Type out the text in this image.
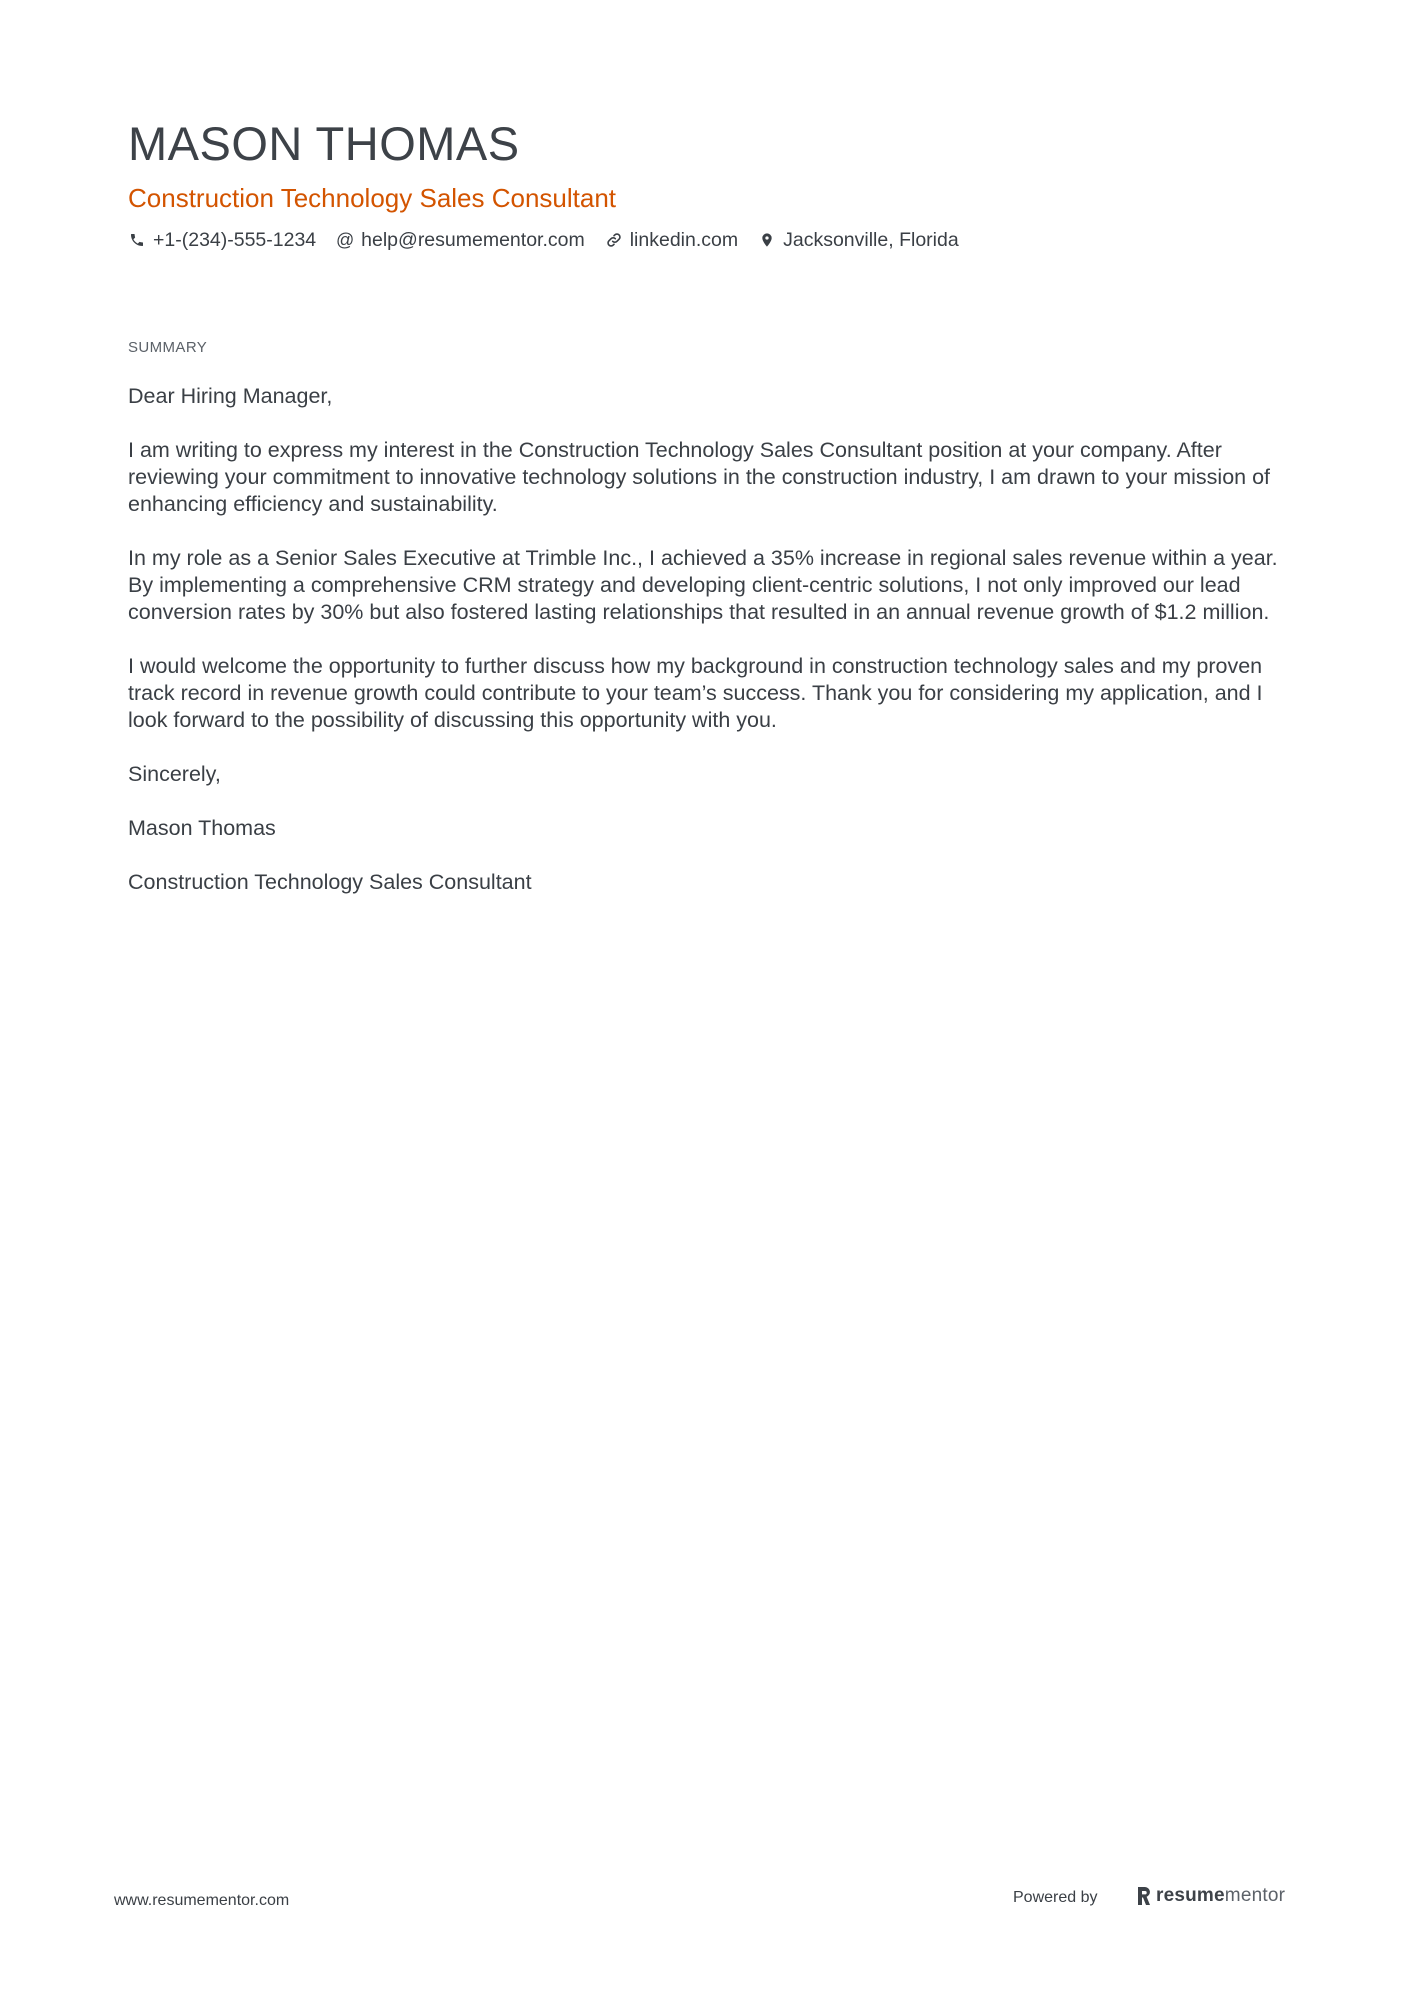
MASON THOMAS
Construction Technology Sales Consultant
+1-(234)-555-1234 @ help@resumementor.com linkedin.com Jacksonville, Florida
SUMMARY

Dear Hiring Manager,

I am writing to express my interest in the Construction Technology Sales Consultant position at your company. After reviewing your commitment to innovative technology solutions in the construction industry, I am drawn to your mission of enhancing efficiency and sustainability.

In my role as a Senior Sales Executive at Trimble Inc., I achieved a 35% increase in regional sales revenue within a year. By implementing a comprehensive CRM strategy and developing client-centric solutions, I not only improved our lead conversion rates by 30% but also fostered lasting relationships that resulted in an annual revenue growth of $1.2 million.

I would welcome the opportunity to further discuss how my background in construction technology sales and my proven track record in revenue growth could contribute to your team’s success. Thank you for considering my application, and I look forward to the possibility of discussing this opportunity with you.

Sincerely,

Mason Thomas

Construction Technology Sales Consultant

www.resumementor.com	Powered by	resume mentor
